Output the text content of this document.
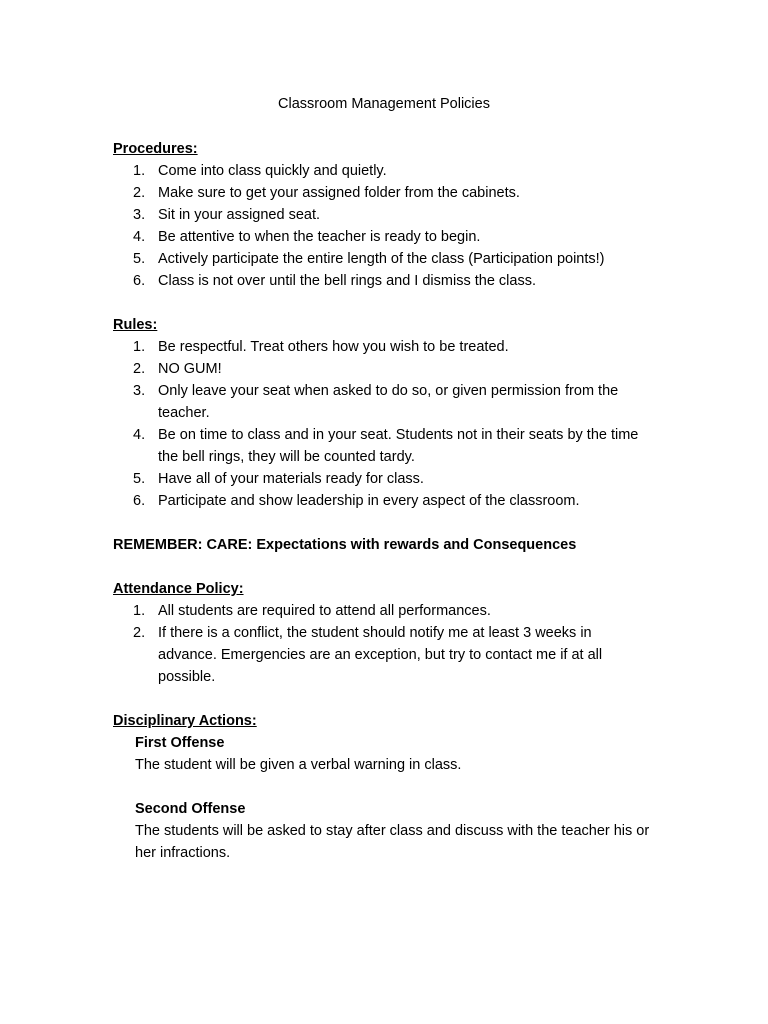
Classroom Management Policies

Procedures:

1. Come into class quickly and quietly.
2. Make sure to get your assigned folder from the cabinets.
3. Sit in your assigned seat.
4. Be attentive to when the teacher is ready to begin.
5. Actively participate the entire length of the class (Participation points!)
6. Class is not over until the bell rings and I dismiss the class.

Rules:

1. Be respectful. Treat others how you wish to be treated.
2. NO GUM!
3. Only leave your seat when asked to do so, or given permission from the teacher.
4. Be on time to class and in your seat. Students not in their seats by the time the bell rings, they will be counted tardy.
5. Have all of your materials ready for class.
6. Participate and show leadership in every aspect of the classroom.

REMEMBER: CARE: Expectations with rewards and Consequences

Attendance Policy:

1. All students are required to attend all performances.
2. If there is a conflict, the student should notify me at least 3 weeks in advance. Emergencies are an exception, but try to contact me if at all possible.

Disciplinary Actions:

First Offense
The student will be given a verbal warning in class.
Second Offense
The students will be asked to stay after class and discuss with the teacher his or her infractions.
